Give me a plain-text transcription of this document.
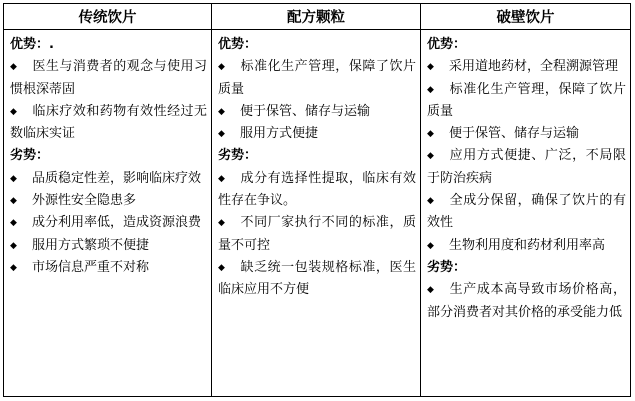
传统饮片	配方颗粒	破壁饮片
优势：.
◆ 医生与消费者的观念与使用习惯根深蒂固
◆ 临床疗效和药物有效性经过无数临床实证
劣势：
◆ 品质稳定性差，影响临床疗效
◆ 外源性安全隐患多
◆ 成分利用率低，造成资源浪费
◆ 服用方式繁琐不便捷
◆ 市场信息严重不对称
优势：
◆ 标准化生产管理，保障了饮片质量
◆ 便于保管、储存与运输
◆ 服用方式便捷
劣势：
◆ 成分有选择性提取，临床有效性存在争议。
◆ 不同厂家执行不同的标准，质量不可控
◆ 缺乏统一包装规格标准，医生临床应用不方便
优势：
◆ 采用道地药材，全程溯源管理
◆ 标准化生产管理，保障了饮片质量
◆ 便于保管、储存与运输
◆ 应用方式便捷、广泛，不局限于防治疾病
◆ 全成分保留，确保了饮片的有效性
◆ 生物利用度和药材利用率高
劣势：
◆ 生产成本高导致市场价格高，部分消费者对其价格的承受能力低
